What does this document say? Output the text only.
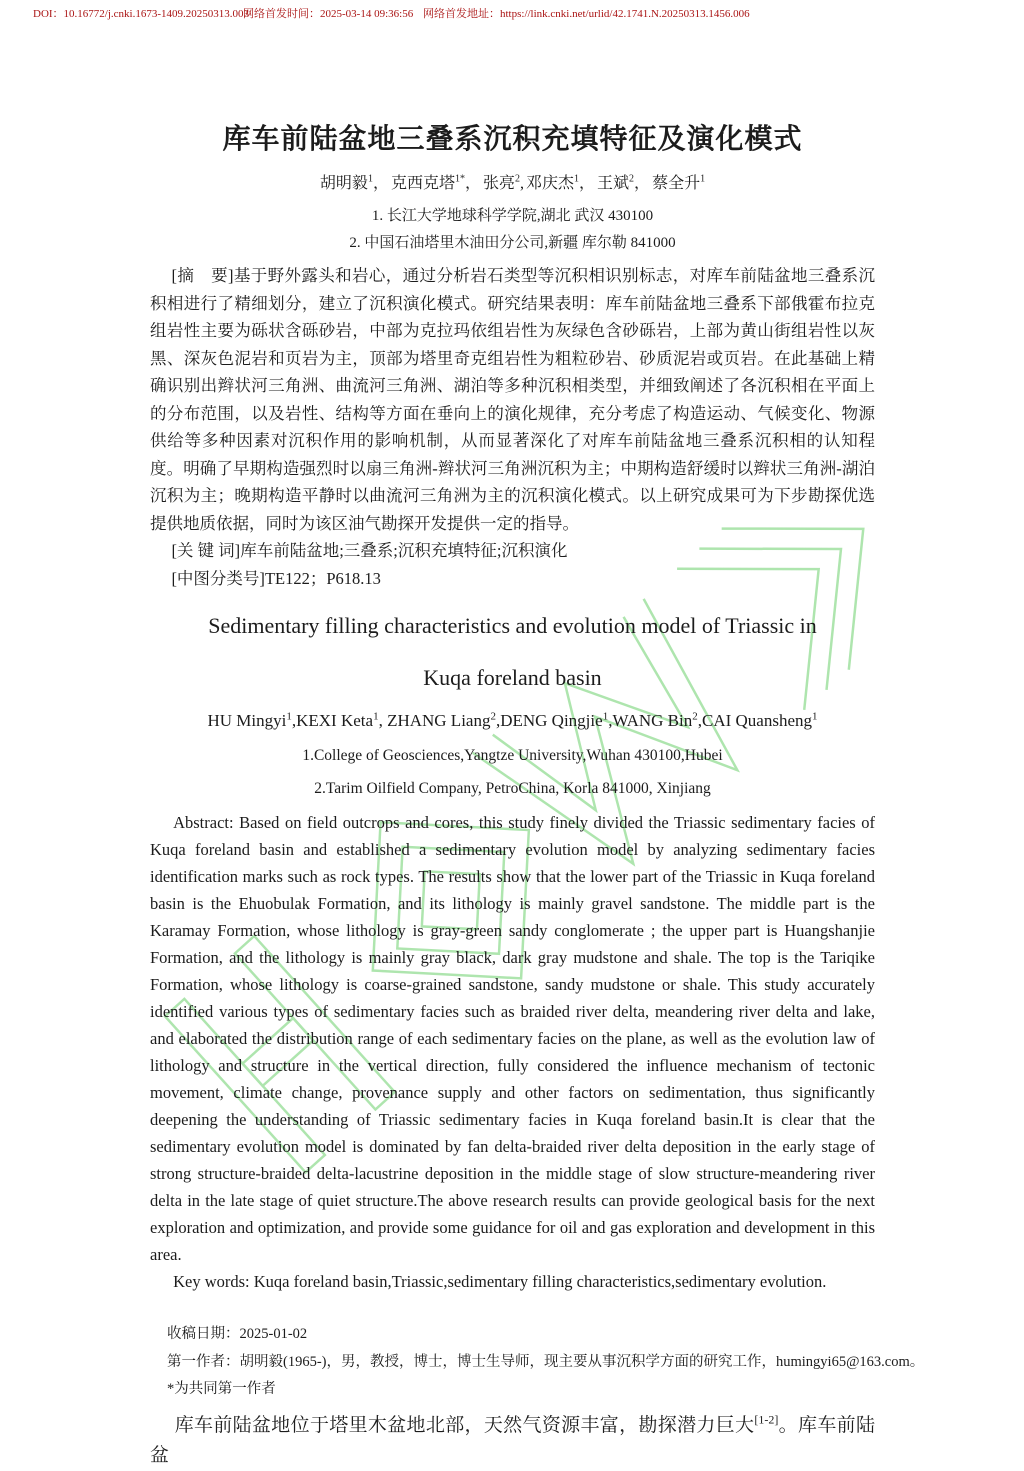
DOI：10.16772/j.cnki.1673-1409.20250313.003
网络首发时间：2025-03-14 09:36:56 网络首发地址：https://link.cnki.net/urlid/42.1741.N.20250313.1456.006
库车前陆盆地三叠系沉积充填特征及演化模式
胡明毅$^1$，克西克塔$^{1*}$，张亮$^2$,邓庆杰$^1$，王斌$^2$，蔡全升$^1$
1. 长江大学地球科学学院,湖北 武汉 430100
2. 中国石油塔里木油田分公司,新疆 库尔勒 841000

[摘　要]基于野外露头和岩心，通过分析岩石类型等沉积相识别标志，对库车前陆盆地三叠系沉积相进行了精细划分，建立了沉积演化模式。研究结果表明：库车前陆盆地三叠系下部俄霍布拉克组岩性主要为砾状含砾砂岩，中部为克拉玛依组岩性为灰绿色含砂砾岩，上部为黄山街组岩性以灰黑、深灰色泥岩和页岩为主，顶部为塔里奇克组岩性为粗粒砂岩、砂质泥岩或页岩。在此基础上精确识别出辫状河三角洲、曲流河三角洲、湖泊等多种沉积相类型，并细致阐述了各沉积相在平面上的分布范围，以及岩性、结构等方面在垂向上的演化规律，充分考虑了构造运动、气候变化、物源供给等多种因素对沉积作用的影响机制，从而显著深化了对库车前陆盆地三叠系沉积相的认知程度。明确了早期构造强烈时以扇三角洲-辫状河三角洲沉积为主；中期构造舒缓时以辫状三角洲-湖泊沉积为主；晚期构造平静时以曲流河三角洲为主的沉积演化模式。以上研究成果可为下步勘探优选提供地质依据，同时为该区油气勘探开发提供一定的指导。

[关 键 词]库车前陆盆地;三叠系;沉积充填特征;沉积演化

[中图分类号]TE122；P618.13

Sedimentary filling characteristics and evolution model of Triassic in
Kuqa foreland basin
HU Mingyi$^1$,KEXI Keta$^1$, ZHANG Liang$^2$,DENG Qingjie$^1$,WANG Bin$^2$,CAI Quansheng$^1$
1.College of Geosciences,Yangtze University,Wuhan 430100,Hubei
2.Tarim Oilfield Company, PetroChina, Korla 841000, Xinjiang

Abstract: Based on field outcrops and cores, this study finely divided the Triassic sedimentary facies of Kuqa foreland basin and established a sedimentary evolution model by analyzing sedimentary facies identification marks such as rock types. The results show that the lower part of the Triassic in Kuqa foreland basin is the Ehuobulak Formation, and its lithology is mainly gravel sandstone. The middle part is the Karamay Formation, whose lithology is gray-green sandy conglomerate ; the upper part is Huangshanjie Formation, and the lithology is mainly gray black, dark gray mudstone and shale. The top is the Tariqike Formation, whose lithology is coarse-grained sandstone, sandy mudstone or shale. This study accurately identified various types of sedimentary facies such as braided river delta, meandering river delta and lake, and elaborated the distribution range of each sedimentary facies on the plane, as well as the evolution law of lithology and structure in the vertical direction, fully considered the influence mechanism of tectonic movement, climate change, provenance supply and other factors on sedimentation, thus significantly deepening the understanding of Triassic sedimentary facies in Kuqa foreland basin.It is clear that the sedimentary evolution model is dominated by fan delta-braided river delta deposition in the early stage of strong structure-braided delta-lacustrine deposition in the middle stage of slow structure-meandering river delta in the late stage of quiet structure.The above research results can provide geological basis for the next exploration and optimization, and provide some guidance for oil and gas exploration and development in this area.

Key words: Kuqa foreland basin,Triassic,sedimentary filling characteristics,sedimentary evolution.

收稿日期：2025-01-02
第一作者：胡明毅(1965-)，男，教授，博士，博士生导师，现主要从事沉积学方面的研究工作，humingyi65@163.com。
*为共同第一作者

库车前陆盆地位于塔里木盆地北部，天然气资源丰富，勘探潜力巨大[1-2]。库车前陆盆
